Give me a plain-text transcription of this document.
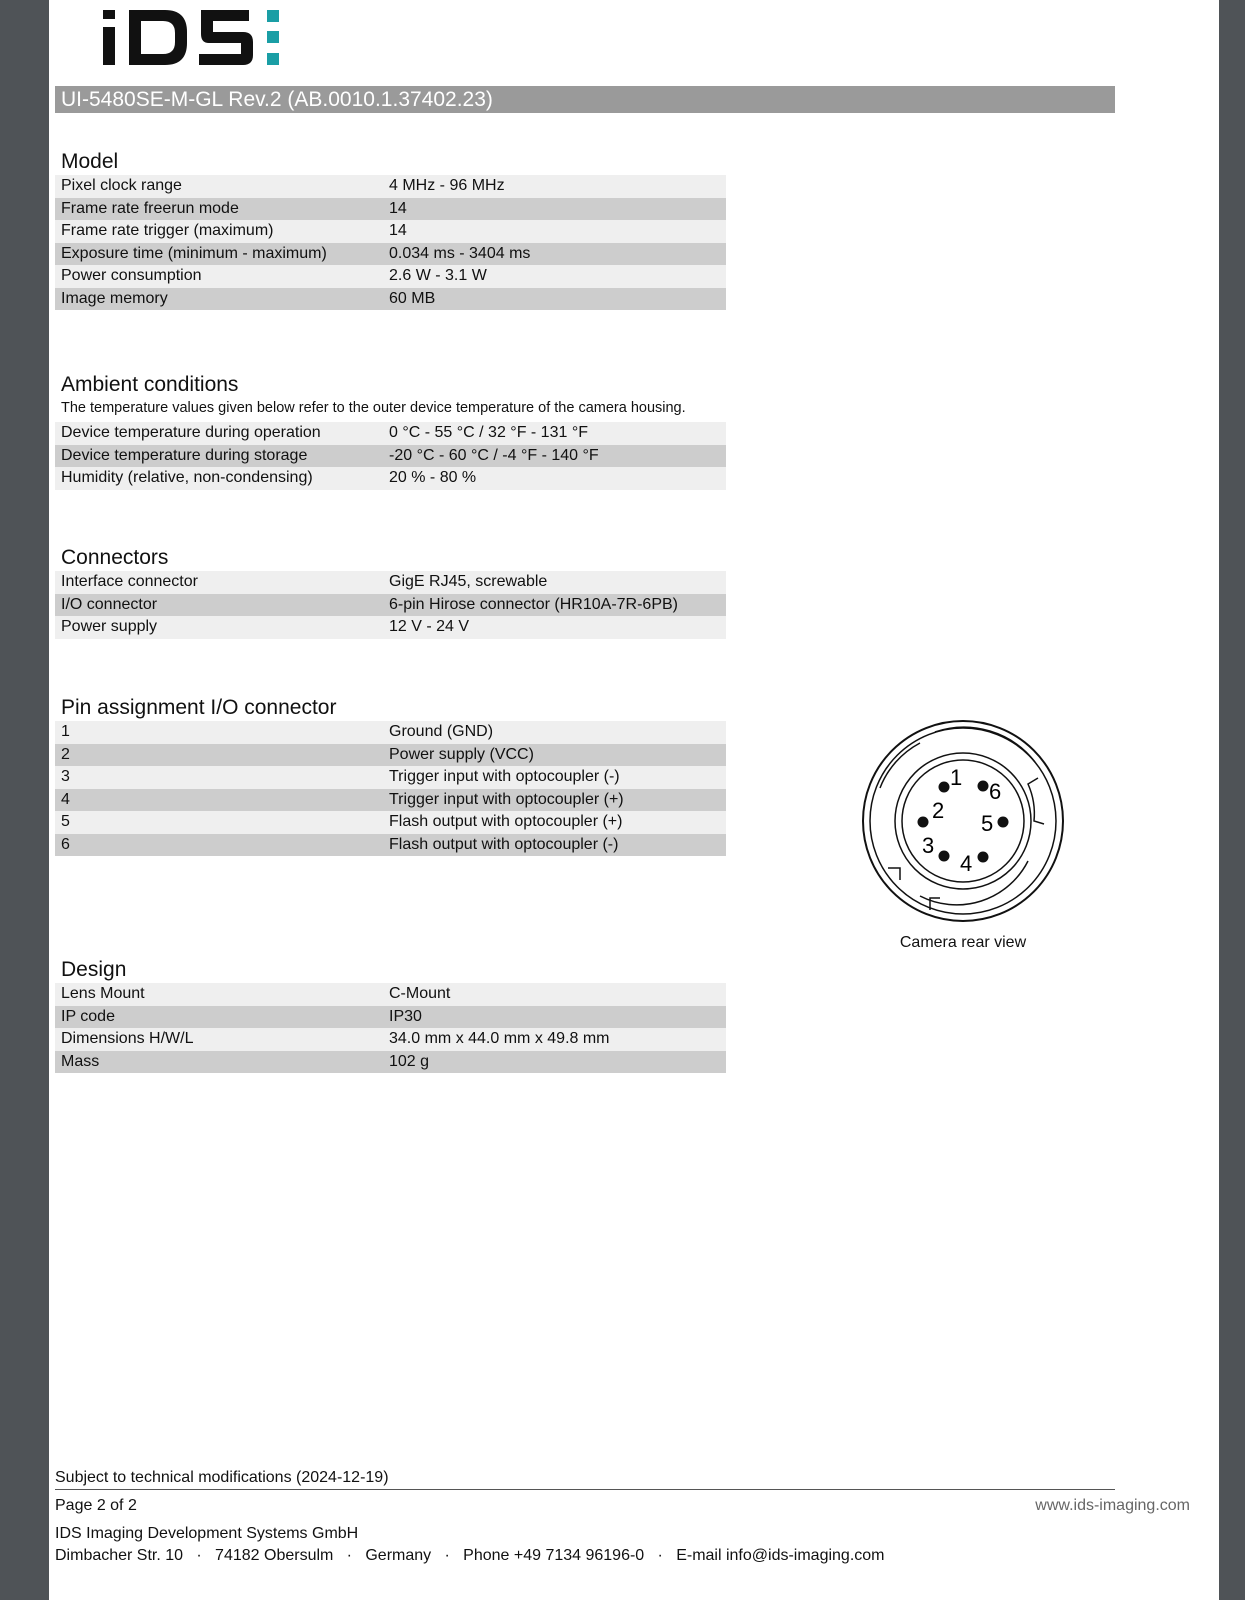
UI-5480SE-M-GL Rev.2 (AB.0010.1.37402.23)
Model
Pixel clock range	4 MHz - 96 MHz
Frame rate freerun mode	14
Frame rate trigger (maximum)	14
Exposure time (minimum - maximum)	0.034 ms - 3404 ms
Power consumption	2.6 W - 3.1 W
Image memory	60 MB
Ambient conditions
The temperature values given below refer to the outer device temperature of the camera housing.
Device temperature during operation	0 °C - 55 °C / 32 °F - 131 °F
Device temperature during storage	-20 °C - 60 °C / -4 °F - 140 °F
Humidity (relative, non-condensing)	20 % - 80 %
Connectors
Interface connector	GigE RJ45, screwable
I/O connector	6-pin Hirose connector (HR10A-7R-6PB)
Power supply	12 V - 24 V
Pin assignment I/O connector
1	Ground (GND)
2	Power supply (VCC)
3	Trigger input with optocoupler (-)
4	Trigger input with optocoupler (+)
5	Flash output with optocoupler (+)
6	Flash output with optocoupler (-)
1
6
2
5
3
4
Camera rear view
Design
Lens Mount	C-Mount
IP code	IP30
Dimensions H/W/L	34.0 mm x 44.0 mm x 49.8 mm
Mass	102 g
Subject to technical modifications (2024-12-19)
Page 2 of 2	www.ids-imaging.com
IDS Imaging Development Systems GmbH
Dimbacher Str. 10   ·   74182 Obersulm   ·   Germany   ·   Phone +49 7134 96196-0   ·   E-mail info@ids-imaging.com
